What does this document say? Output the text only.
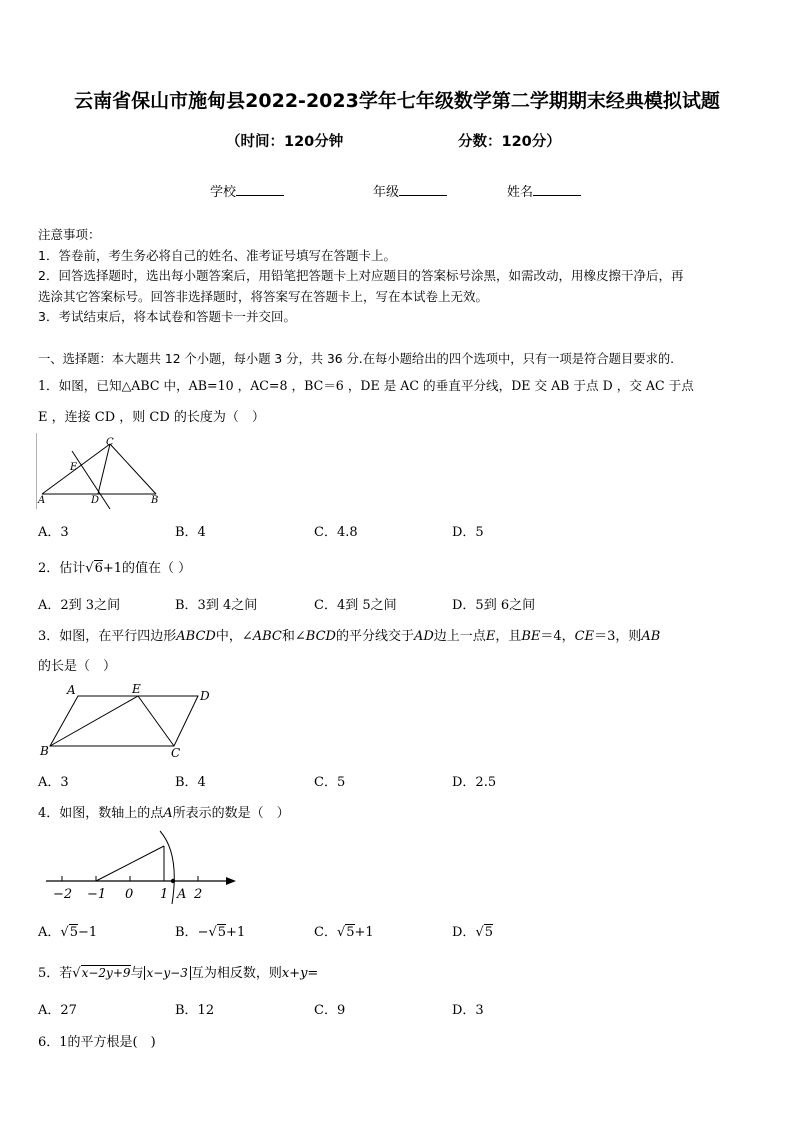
云南省保山市施甸县2022-2023学年七年级数学第二学期期末经典模拟试题
（时间：120分钟	分数：120分）
学校	年级	姓名
注意事项：
1．答卷前，考生务必将自己的姓名、准考证号填写在答题卡上。
2．回答选择题时，选出每小题答案后，用铅笔把答题卡上对应题目的答案标号涂黑，如需改动，用橡皮擦干净后，再
选涂其它答案标号。回答非选择题时，将答案写在答题卡上，写在本试卷上无效。
3．考试结束后，将本试卷和答题卡一并交回。
一、选择题：本大题共 12 个小题，每小题 3 分，共 36 分.在每小题给出的四个选项中，只有一项是符合题目要求的.
1．如图，已知△ABC 中，AB=10 ，AC=8 ，BC＝6 ，DE 是 AC 的垂直平分线，DE 交 AB 于点 D ，交 AC 于点
E ，连接 CD ，则 CD 的长度为（　）
C
E
A	D	B
A．3	B．4	C．4.8	D．5
2．估计√6+1的值在（ ）
A．2到 3之间	B．3到 4之间	C．4到 5之间	D．5到 6之间
3．如图，在平行四边形ABCD中，∠ABC和∠BCD的平分线交于AD边上一点E，且BE＝4，CE＝3，则AB
的长是（　）
A	E	D
B	C
A．3	B．4	C．5	D．2.5
4．如图，数轴上的点A所表示的数是（　）
−2 −1 0 1 A 2
A．√5−1	B．−√5+1	C．√5+1	D．√5
5．若√x−2y+9与 x−y−3 互为相反数，则x+y=
A．27	B．12	C．9	D．3
6．1的平方根是(　)
